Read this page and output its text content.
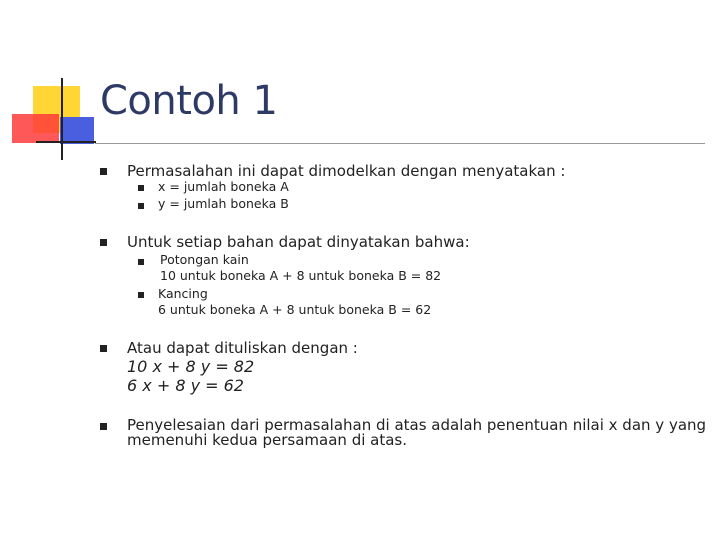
Contoh 1
Permasalahan ini dapat dimodelkan dengan menyatakan :
x = jumlah boneka A
y = jumlah boneka B
Untuk setiap bahan dapat dinyatakan bahwa:
Potongan kain
10 untuk boneka A + 8 untuk boneka B = 82
Kancing
6 untuk boneka A + 8 untuk boneka B = 62
Atau dapat dituliskan dengan :
10 x + 8 y = 82
6 x + 8 y = 62
Penyelesaian dari permasalahan di atas adalah penentuan nilai x dan y yang
memenuhi kedua persamaan di atas.
